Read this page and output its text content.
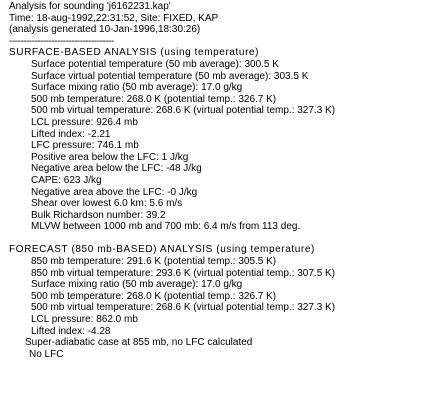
Analysis for sounding 'j6162231.kap'
Time: 18-aug-1992,22:31:52, Site: FIXED, KAP
(analysis generated 10-Jan-1996,18:30:26)
-------------------------------------
SURFACE-BASED ANALYSIS (using temperature)
Surface potential temperature (50 mb average): 300.5 K
Surface virtual potential temperature (50 mb average): 303.5 K
Surface mixing ratio (50 mb average): 17.0 g/kg
500 mb temperature: 268.0 K (potential temp.: 326.7 K)
500 mb virtual temperature: 268.6 K (virtual potential temp.: 327.3 K)
LCL pressure: 926.4 mb
Lifted index: -2.21
LFC pressure: 746.1 mb
Positive area below the LFC: 1 J/kg
Negative area below the LFC: -48 J/kg
CAPE: 623 J/kg
Negative area above the LFC: -0 J/kg
Shear over lowest 6.0 km: 5.6 m/s
Bulk Richardson number: 39.2
MLVW between 1000 mb and 700 mb: 6.4 m/s from 113 deg.
FORECAST (850 mb-BASED) ANALYSIS (using temperature)
850 mb temperature: 291.6 K (potential temp.: 305.5 K)
850 mb virtual temperature: 293.6 K (virtual potential temp.: 307.5 K)
Surface mixing ratio (50 mb average): 17.0 g/kg
500 mb temperature: 268.0 K (potential temp.: 326.7 K)
500 mb virtual temperature: 268.6 K (virtual potential temp.: 327.3 K)
LCL pressure: 862.0 mb
Lifted index: -4.28
Super-adiabatic case at 855 mb, no LFC calculated
No LFC
